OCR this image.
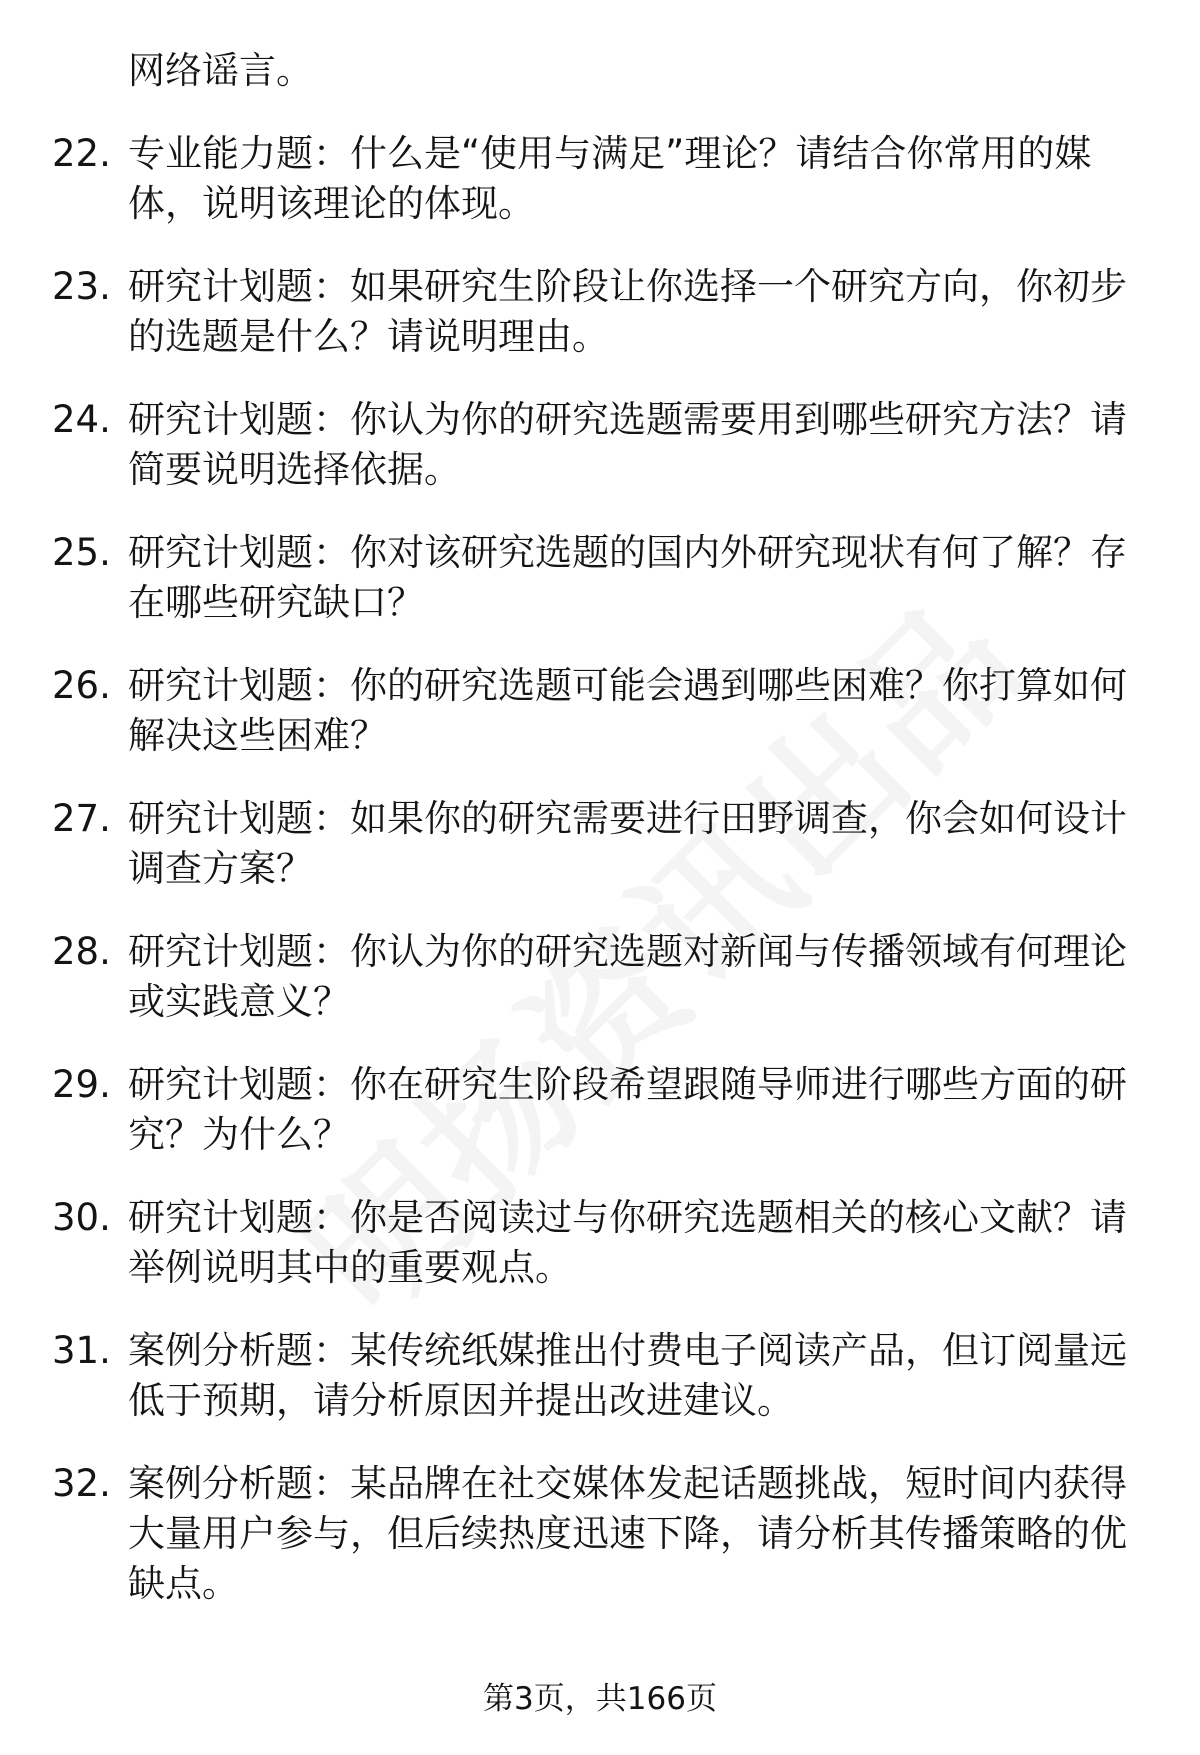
网络谣言。

22. 专业能力题：什么是“使用与满足”理论？请结合你常用的媒体，说明该理论的体现。
23. 研究计划题：如果研究生阶段让你选择一个研究方向，你初步的选题是什么？请说明理由。
24. 研究计划题：你认为你的研究选题需要用到哪些研究方法？请简要说明选择依据。
25. 研究计划题：你对该研究选题的国内外研究现状有何了解？存在哪些研究缺口？
26. 研究计划题：你的研究选题可能会遇到哪些困难？你打算如何解决这些困难？
27. 研究计划题：如果你的研究需要进行田野调查，你会如何设计调查方案？
28. 研究计划题：你认为你的研究选题对新闻与传播领域有何理论或实践意义？
29. 研究计划题：你在研究生阶段希望跟随导师进行哪些方面的研究？为什么？
30. 研究计划题：你是否阅读过与你研究选题相关的核心文献？请举例说明其中的重要观点。
31. 案例分析题：某传统纸媒推出付费电子阅读产品，但订阅量远低于预期，请分析原因并提出改进建议。
32. 案例分析题：某品牌在社交媒体发起话题挑战，短时间内获得大量用户参与，但后续热度迅速下降，请分析其传播策略的优缺点。
第3页，共166页
